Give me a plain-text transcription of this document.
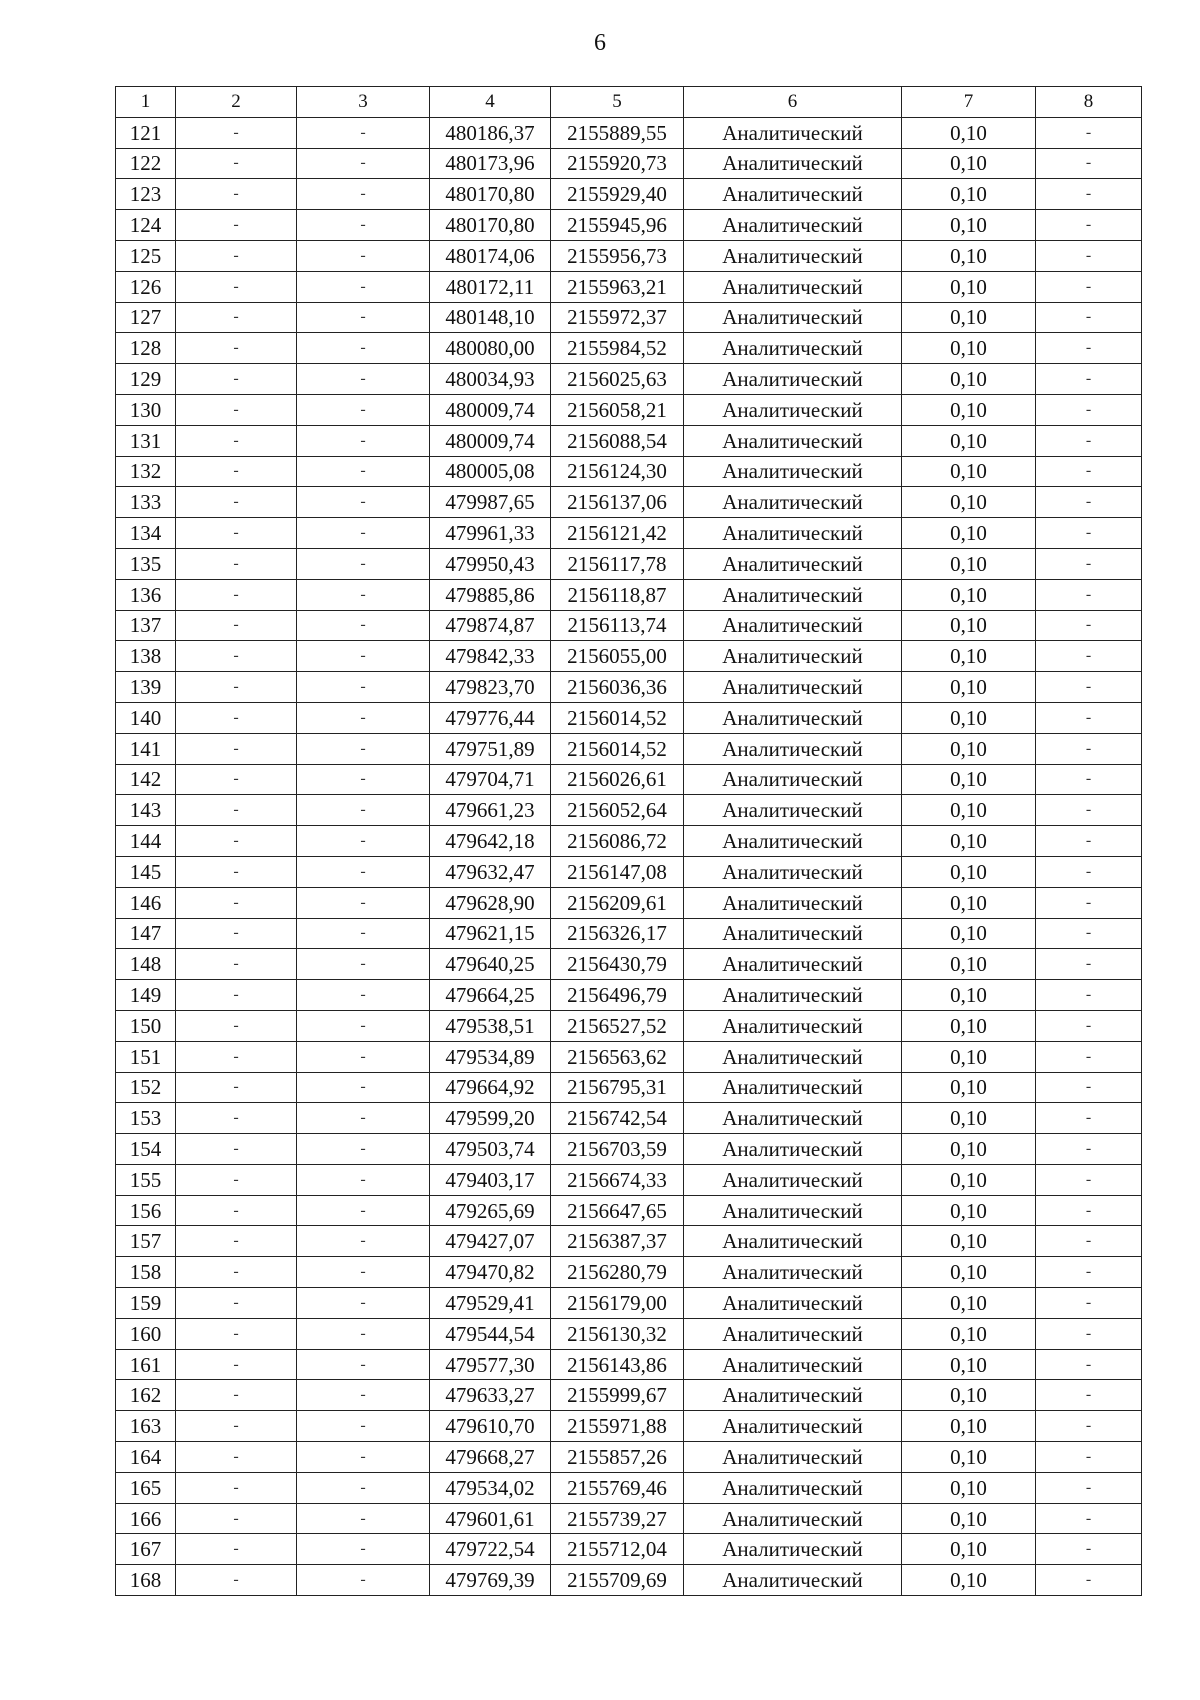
6
1	2	3	4	5	6	7	8
121	-	-	480186,37	2155889,55	Аналитический	0,10	-
122	-	-	480173,96	2155920,73	Аналитический	0,10	-
123	-	-	480170,80	2155929,40	Аналитический	0,10	-
124	-	-	480170,80	2155945,96	Аналитический	0,10	-
125	-	-	480174,06	2155956,73	Аналитический	0,10	-
126	-	-	480172,11	2155963,21	Аналитический	0,10	-
127	-	-	480148,10	2155972,37	Аналитический	0,10	-
128	-	-	480080,00	2155984,52	Аналитический	0,10	-
129	-	-	480034,93	2156025,63	Аналитический	0,10	-
130	-	-	480009,74	2156058,21	Аналитический	0,10	-
131	-	-	480009,74	2156088,54	Аналитический	0,10	-
132	-	-	480005,08	2156124,30	Аналитический	0,10	-
133	-	-	479987,65	2156137,06	Аналитический	0,10	-
134	-	-	479961,33	2156121,42	Аналитический	0,10	-
135	-	-	479950,43	2156117,78	Аналитический	0,10	-
136	-	-	479885,86	2156118,87	Аналитический	0,10	-
137	-	-	479874,87	2156113,74	Аналитический	0,10	-
138	-	-	479842,33	2156055,00	Аналитический	0,10	-
139	-	-	479823,70	2156036,36	Аналитический	0,10	-
140	-	-	479776,44	2156014,52	Аналитический	0,10	-
141	-	-	479751,89	2156014,52	Аналитический	0,10	-
142	-	-	479704,71	2156026,61	Аналитический	0,10	-
143	-	-	479661,23	2156052,64	Аналитический	0,10	-
144	-	-	479642,18	2156086,72	Аналитический	0,10	-
145	-	-	479632,47	2156147,08	Аналитический	0,10	-
146	-	-	479628,90	2156209,61	Аналитический	0,10	-
147	-	-	479621,15	2156326,17	Аналитический	0,10	-
148	-	-	479640,25	2156430,79	Аналитический	0,10	-
149	-	-	479664,25	2156496,79	Аналитический	0,10	-
150	-	-	479538,51	2156527,52	Аналитический	0,10	-
151	-	-	479534,89	2156563,62	Аналитический	0,10	-
152	-	-	479664,92	2156795,31	Аналитический	0,10	-
153	-	-	479599,20	2156742,54	Аналитический	0,10	-
154	-	-	479503,74	2156703,59	Аналитический	0,10	-
155	-	-	479403,17	2156674,33	Аналитический	0,10	-
156	-	-	479265,69	2156647,65	Аналитический	0,10	-
157	-	-	479427,07	2156387,37	Аналитический	0,10	-
158	-	-	479470,82	2156280,79	Аналитический	0,10	-
159	-	-	479529,41	2156179,00	Аналитический	0,10	-
160	-	-	479544,54	2156130,32	Аналитический	0,10	-
161	-	-	479577,30	2156143,86	Аналитический	0,10	-
162	-	-	479633,27	2155999,67	Аналитический	0,10	-
163	-	-	479610,70	2155971,88	Аналитический	0,10	-
164	-	-	479668,27	2155857,26	Аналитический	0,10	-
165	-	-	479534,02	2155769,46	Аналитический	0,10	-
166	-	-	479601,61	2155739,27	Аналитический	0,10	-
167	-	-	479722,54	2155712,04	Аналитический	0,10	-
168	-	-	479769,39	2155709,69	Аналитический	0,10	-
